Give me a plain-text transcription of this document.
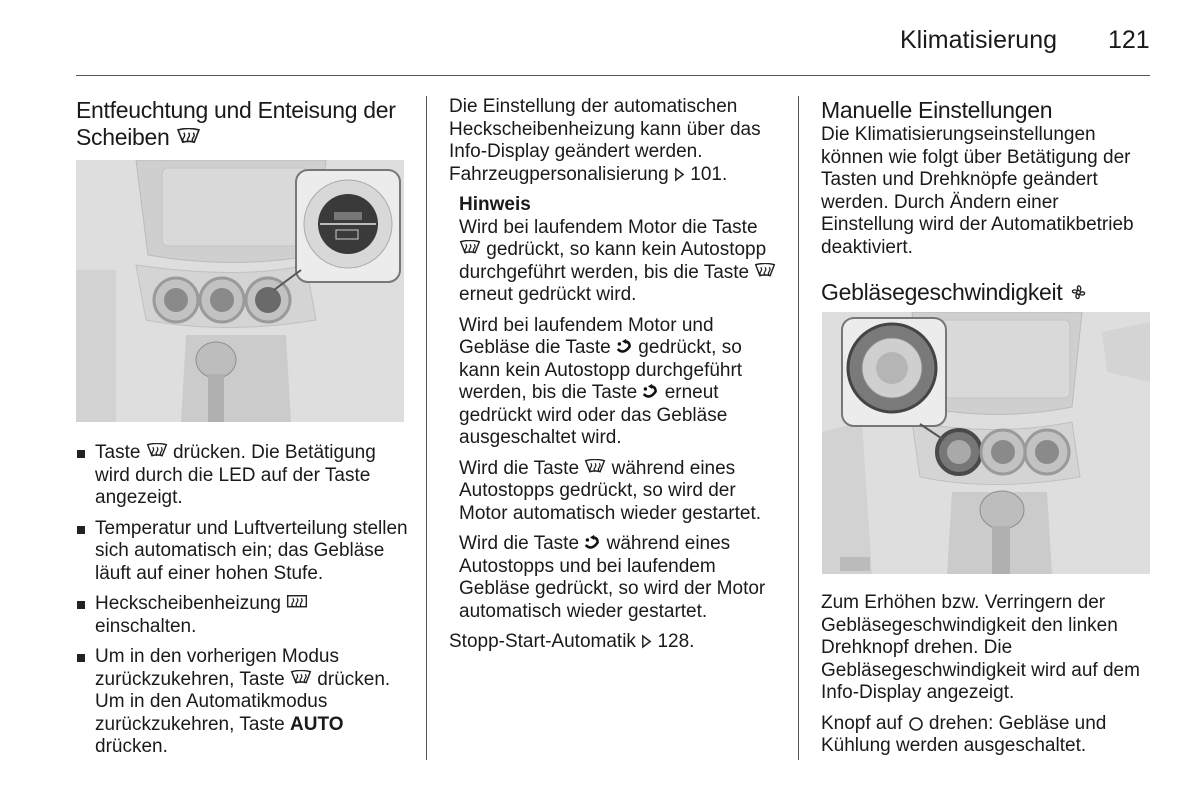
Klimatisierung 121
Entfeuchtung und Enteisung der Scheiben
Taste  drücken. Die Betätigung wird durch die LED auf der Taste angezeigt.
Temperatur und Luftverteilung stellen sich automatisch ein; das Gebläse läuft auf einer hohen Stufe.
Heckscheibenheizung  einschalten.
Um in den vorherigen Modus zurückzukehren, Taste  drücken. Um in den Automatikmodus zurückzukehren, Taste AUTO drücken.

Die Einstellung der automatischen Heckscheibenheizung kann über das Info-Display geändert werden. Fahrzeugpersonalisierung  101.

Hinweis

Wird bei laufendem Motor die Taste  gedrückt, so kann kein Autostopp durchgeführt werden, bis die Taste  erneut gedrückt wird.

Wird bei laufendem Motor und Gebläse die Taste  gedrückt, so kann kein Autostopp durchgeführt werden, bis die Taste  erneut gedrückt wird oder das Gebläse ausgeschaltet wird.

Wird die Taste  während eines Autostopps gedrückt, so wird der Motor automatisch wieder gestartet.

Wird die Taste  während eines Autostopps und bei laufendem Gebläse gedrückt, so wird der Motor automatisch wieder gestartet.

Stopp-Start-Automatik  128.

Manuelle Einstellungen

Die Klimatisierungseinstellungen können wie folgt über Betätigung der Tasten und Drehknöpfe geändert werden. Durch Ändern einer Einstellung wird der Automatikbetrieb deaktiviert.

Gebläsegeschwindigkeit

Zum Erhöhen bzw. Verringern der Gebläsegeschwindigkeit den linken Drehknopf drehen. Die Gebläsegeschwindigkeit wird auf dem Info-Display angezeigt.

Knopf auf  drehen: Gebläse und Kühlung werden ausgeschaltet.
